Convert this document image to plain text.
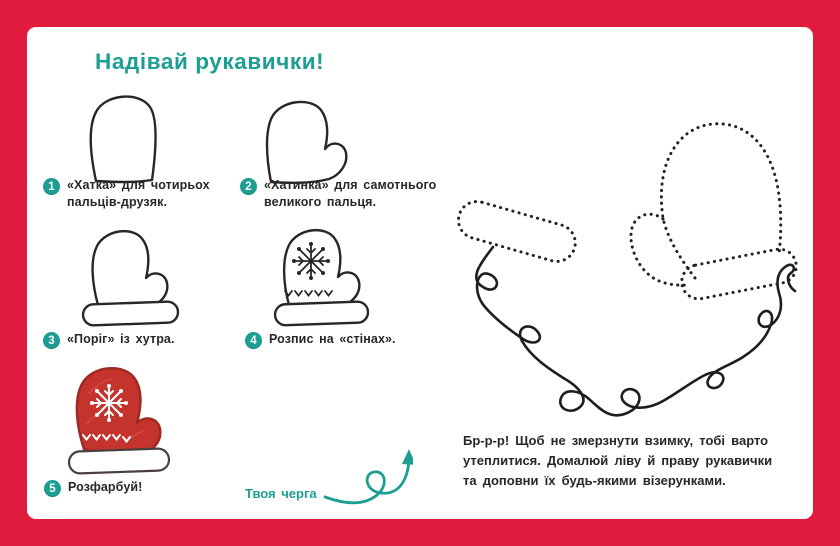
Надівай рукавички!
1 «Хатка» для чотирьох пальців-друзяк.
2 «Хатинка» для самотнього великого пальця.
3 «Поріг» із хутра.	4 Розпис на «стінах».
5 Розфарбуй!	Твоя черга
Бр-р-р! Щоб не змерзнути взимку, тобі варто
утеплитися. Домалюй ліву й праву рукавички
та доповни їх будь-якими візерунками.
